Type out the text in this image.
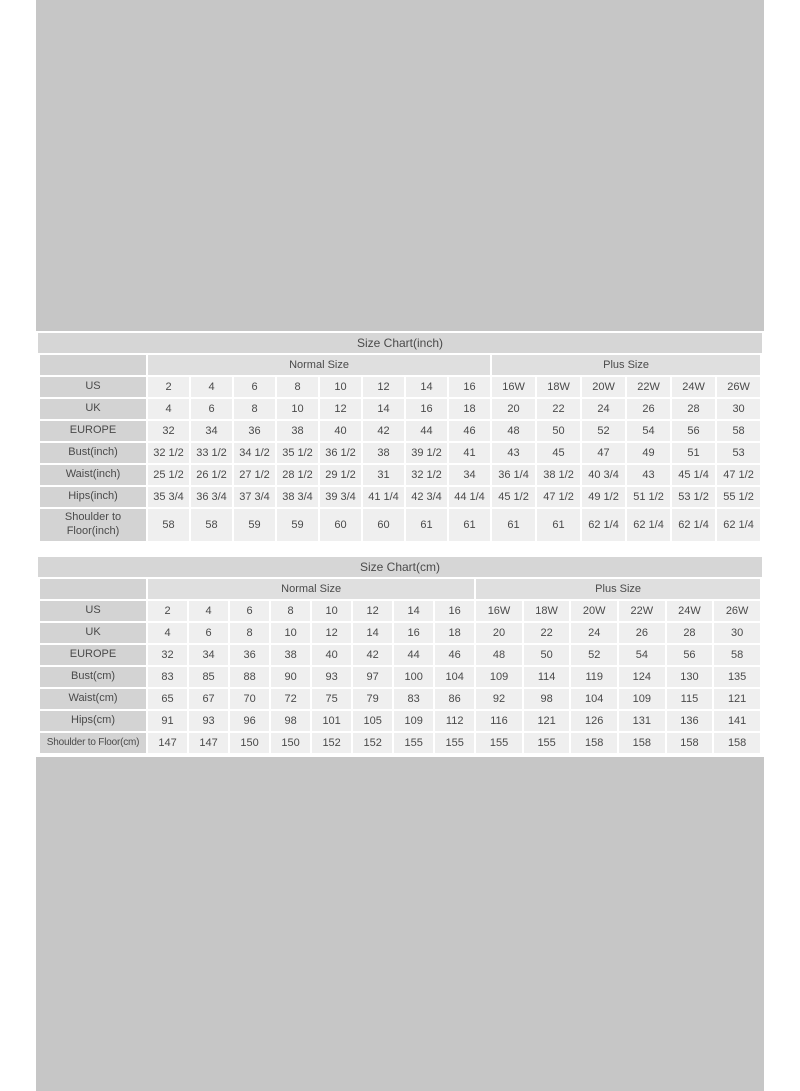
Size Chart(inch)
	Normal Size								Plus Size					
US	2	4	6	8	10	12	14	16	16W	18W	20W	22W	24W	26W
UK	4	6	8	10	12	14	16	18	20	22	24	26	28	30
EUROPE	32	34	36	38	40	42	44	46	48	50	52	54	56	58
Bust(inch)	32 1/2	33 1/2	34 1/2	35 1/2	36 1/2	38	39 1/2	41	43	45	47	49	51	53
Waist(inch)	25 1/2	26 1/2	27 1/2	28 1/2	29 1/2	31	32 1/2	34	36 1/4	38 1/2	40 3/4	43	45 1/4	47 1/2
Hips(inch)	35 3/4	36 3/4	37 3/4	38 3/4	39 3/4	41 1/4	42 3/4	44 1/4	45 1/2	47 1/2	49 1/2	51 1/2	53 1/2	55 1/2
Shoulder to Floor(inch)	58	58	59	59	60	60	61	61	61	61	62 1/4	62 1/4	62 1/4	62 1/4
Size Chart(cm)
	Normal Size								Plus Size					
US	2	4	6	8	10	12	14	16	16W	18W	20W	22W	24W	26W
UK	4	6	8	10	12	14	16	18	20	22	24	26	28	30
EUROPE	32	34	36	38	40	42	44	46	48	50	52	54	56	58
Bust(cm)	83	85	88	90	93	97	100	104	109	114	119	124	130	135
Waist(cm)	65	67	70	72	75	79	83	86	92	98	104	109	115	121
Hips(cm)	91	93	96	98	101	105	109	112	116	121	126	131	136	141
Shoulder to Floor(cm)	147	147	150	150	152	152	155	155	155	155	158	158	158	158
